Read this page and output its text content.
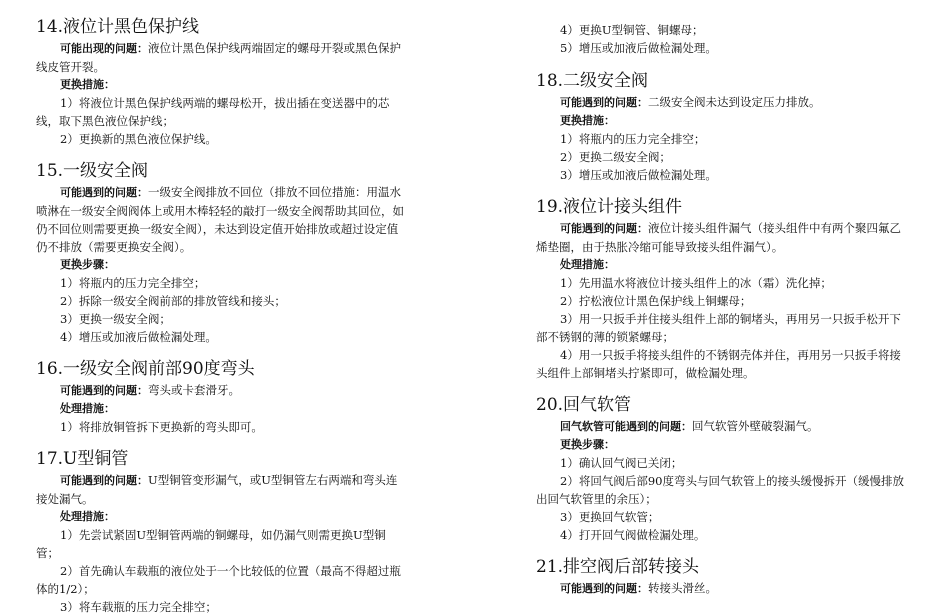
14.液位计黑色保护线

可能出现的问题：液位计黑色保护线两端固定的螺母开裂或黑色保护线皮管开裂。

更换措施：

1）将液位计黑色保护线两端的螺母松开，拔出插在变送器中的芯线，取下黑色液位保护线；

2）更换新的黑色液位保护线。

15.一级安全阀

可能遇到的问题：一级安全阀排放不回位（排放不回位措施：用温水喷淋在一级安全阀阀体上或用木棒轻轻的敲打一级安全阀帮助其回位，如仍不回位则需要更换一级安全阀），未达到设定值开始排放或超过设定值仍不排放（需要更换安全阀）。

更换步骤：

1）将瓶内的压力完全排空；

2）拆除一级安全阀前部的排放管线和接头；

3）更换一级安全阀；

4）增压或加液后做检漏处理。

16.一级安全阀前部90度弯头

可能遇到的问题：弯头或卡套滑牙。

处理措施：

1）将排放铜管拆下更换新的弯头即可。

17.U型铜管

可能遇到的问题：U型铜管变形漏气，或U型铜管左右两端和弯头连接处漏气。

处理措施：

1）先尝试紧固U型铜管两端的铜螺母，如仍漏气则需更换U型铜管；

2）首先确认车载瓶的液位处于一个比较低的位置（最高不得超过瓶体的1/2）；

3）将车载瓶的压力完全排空；

4）更换U型铜管、铜螺母；

5）增压或加液后做检漏处理。

18.二级安全阀

可能遇到的问题：二级安全阀未达到设定压力排放。

更换措施：

1）将瓶内的压力完全排空；

2）更换二级安全阀；

3）增压或加液后做检漏处理。

19.液位计接头组件

可能遇到的问题：液位计接头组件漏气（接头组件中有两个聚四氟乙烯垫圈，由于热胀冷缩可能导致接头组件漏气）。

处理措施：

1）先用温水将液位计接头组件上的冰（霜）洗化掉；

2）拧松液位计黑色保护线上铜螺母；

3）用一只扳手并住接头组件上部的铜堵头，再用另一只扳手松开下部不锈钢的薄的锁紧螺母；

4）用一只扳手将接头组件的不锈钢壳体并住，再用另一只扳手将接头组件上部铜堵头拧紧即可，做检漏处理。

20.回气软管

回气软管可能遇到的问题：回气软管外壁破裂漏气。

更换步骤：

1）确认回气阀已关闭；

2）将回气阀后部90度弯头与回气软管上的接头缓慢拆开（缓慢排放出回气软管里的余压）；

3）更换回气软管；

4）打开回气阀做检漏处理。

21.排空阀后部转接头

可能遇到的问题：转接头滑丝。
